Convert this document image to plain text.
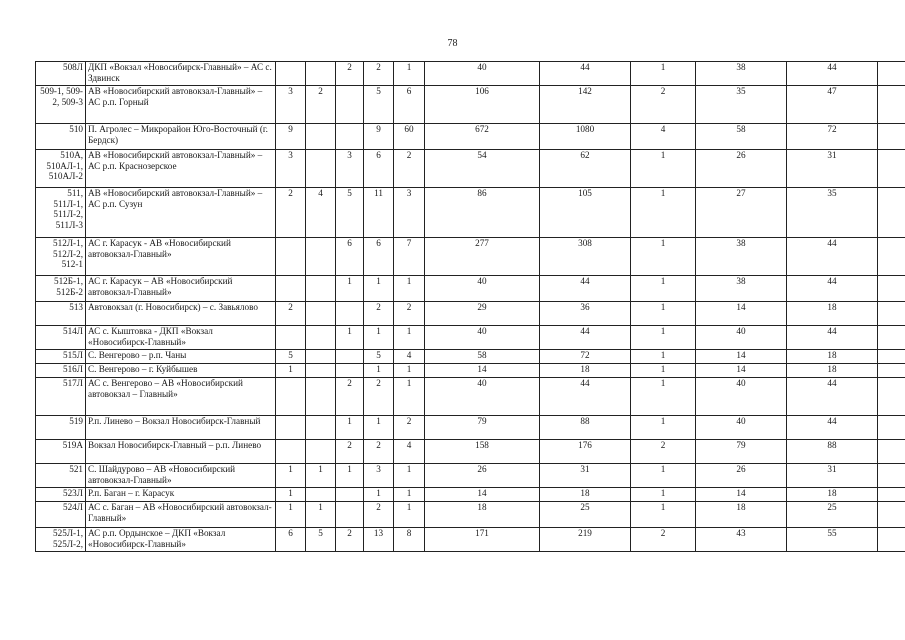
78
508Л	ДКП «Вокзал «Новосибирск-Главный» – АС с. Здвинск			2	2	1	40	44	1	38	44	
509-1, 509-2, 509-3	АВ «Новосибирский автовокзал-Главный» – АС р.п. Горный	3	2		5	6	106	142	2	35	47	
510	П. Агролес – Микрорайон Юго-Восточный (г. Бердск)	9			9	60	672	1080	4	58	72	
510А, 510АЛ-1, 510АЛ-2	АВ «Новосибирский автовокзал-Главный» – АС р.п. Краснозерское	3		3	6	2	54	62	1	26	31	
511, 511Л-1, 511Л-2, 511Л-3	АВ «Новосибирский автовокзал-Главный» – АС р.п. Сузун	2	4	5	11	3	86	105	1	27	35	
512Л-1, 512Л-2, 512-1	АС г. Карасук - АВ «Новосибирский автовокзал-Главный»			6	6	7	277	308	1	38	44	
512Б-1, 512Б-2	АС г. Карасук – АВ «Новосибирский автовокзал-Главный»			1	1	1	40	44	1	38	44	
513	Автовокзал (г. Новосибирск) – с. Завьялово	2			2	2	29	36	1	14	18	
514Л	АС с. Кыштовка - ДКП «Вокзал «Новосибирск-Главный»			1	1	1	40	44	1	40	44	
515Л	С. Венгерово – р.п. Чаны	5			5	4	58	72	1	14	18	
516Л	С. Венгерово – г. Куйбышев	1			1	1	14	18	1	14	18	
517Л	АС с. Венгерово – АВ «Новосибирский автовокзал – Главный»			2	2	1	40	44	1	40	44	
519	Р.п. Линево – Вокзал Новосибирск-Главный			1	1	2	79	88	1	40	44	
519А	Вокзал Новосибирск-Главный – р.п. Линево			2	2	4	158	176	2	79	88	
521	С. Шайдурово – АВ «Новосибирский автовокзал-Главный»	1	1	1	3	1	26	31	1	26	31	
523Л	Р.п. Баган – г. Карасук	1			1	1	14	18	1	14	18	
524Л	АС с. Баган – АВ «Новосибирский автовокзал-Главный»	1	1		2	1	18	25	1	18	25	
525Л-1, 525Л-2,	АС р.п. Ордынское – ДКП «Вокзал «Новосибирск-Главный»	6	5	2	13	8	171	219	2	43	55	
